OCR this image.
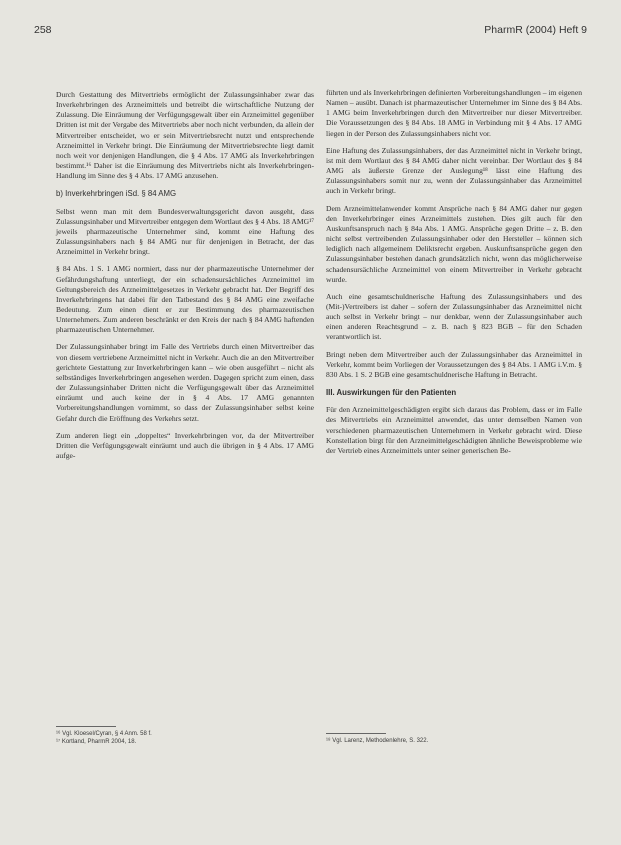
258	PharmR (2004) Heft 9

Durch Gestattung des Mitvertriebs ermöglicht der Zulassungsinhaber zwar das Inverkehrbringen des Arzneimittels und betreibt die wirtschaftliche Nutzung der Zulassung. Die Einräumung der Verfügungsgewalt über ein Arzneimittel gegenüber Dritten ist mit der Vergabe des Mitvertriebs aber noch nicht verbunden, da allein der Mitvertreiber entscheidet, wo er sein Mitvertriebsrecht nutzt und entsprechende Arzneimittel in Verkehr bringt. Die Einräumung der Mitvertriebsrechte liegt damit noch weit vor denjenigen Handlungen, die § 4 Abs. 17 AMG als Inverkehrbringen bestimmt.¹⁶ Daher ist die Einräumung des Mitvertriebs nicht als Inverkehrbringen-Handlung im Sinne des § 4 Abs. 17 AMG anzusehen.

b) Inverkehrbringen iSd. § 84 AMG

Selbst wenn man mit dem Bundesverwaltungsgericht davon ausgeht, dass Zulassungsinhaber und Mitvertreiber entgegen dem Wortlaut des § 4 Abs. 18 AMG¹⁷ jeweils pharmazeutische Unternehmer sind, kommt eine Haftung des Zulassungsinhabers nach § 84 AMG nur für denjenigen in Betracht, der das Arzneimittel in Verkehr bringt.

§ 84 Abs. 1 S. 1 AMG normiert, dass nur der pharmazeutische Unternehmer der Gefährdungshaftung unterliegt, der ein schadensursächliches Arzneimittel im Geltungsbereich des Arzneimittelgesetzes in Verkehr gebracht hat. Der Begriff des Inverkehrbringens hat dabei für den Tatbestand des § 84 AMG eine zweifache Bedeutung. Zum einen dient er zur Bestimmung des pharmazeutischen Unternehmers. Zum anderen beschränkt er den Kreis der nach § 84 AMG haftenden pharmazeutischen Unternehmer.

Der Zulassungsinhaber bringt im Falle des Vertriebs durch einen Mitvertreiber das von diesem vertriebene Arzneimittel nicht in Verkehr. Auch die an den Mitvertreiber gerichtete Gestattung zur Inverkehrbringen kann – wie oben ausgeführt – nicht als selbständiges Inverkehrbringen angesehen werden. Dagegen spricht zum einen, dass der Zulassungsinhaber Dritten nicht die Verfügungsgewalt über das Arzneimittel einräumt und auch keine der in § 4 Abs. 17 AMG genannten Vorbereitungshandlungen vornimmt, so dass der Zulassungsinhaber selbst keine Gefahr durch die Eröffnung des Verkehrs setzt.

Zum anderen liegt ein „doppeltes“ Inverkehrbringen vor, da der Mitvertreiber Dritten die Verfügungsgewalt einräumt und auch die übrigen in § 4 Abs. 17 AMG aufge-

¹⁶ Vgl. Kloesel/Cyran, § 4 Anm. 58 f.
¹⁷ Kortland, PharmR 2004, 18.

führten und als Inverkehrbringen definierten Vorbereitungshandlungen – im eigenen Namen – ausübt. Danach ist pharmazeutischer Unternehmer im Sinne des § 84 Abs. 1 AMG beim Inverkehrbringen durch den Mitvertreiber nur dieser Mitvertreiber. Die Voraussetzungen des § 84 Abs. 18 AMG in Verbindung mit § 4 Abs. 17 AMG liegen in der Person des Zulassungsinhabers nicht vor.

Eine Haftung des Zulassungsinhabers, der das Arzneimittel nicht in Verkehr bringt, ist mit dem Wortlaut des § 84 AMG daher nicht vereinbar. Der Wortlaut des § 84 AMG als äußerste Grenze der Auslegung¹⁸ lässt eine Haftung des Zulassungsinhabers somit nur zu, wenn der Zulassungsinhaber das Arzneimittel auch in Verkehr bringt.

Dem Arzneimittelanwender kommt Ansprüche nach § 84 AMG daher nur gegen den Inverkehrbringer eines Arzneimittels zustehen. Dies gilt auch für den Auskunftsanspruch nach § 84a Abs. 1 AMG. Ansprüche gegen Dritte – z. B. den nicht selbst vertreibenden Zulassungsinhaber oder den Hersteller – können sich lediglich nach allgemeinem Deliktsrecht ergeben. Auskunftsansprüche gegen den Zulassungsinhaber bestehen danach grundsätzlich nicht, wenn das möglicherweise schadensursächliche Arzneimittel von einem Mitvertreiber in Verkehr gebracht wurde.

Auch eine gesamtschuldnerische Haftung des Zulassungsinhabers und des (Mit-)Vertreibers ist daher – sofern der Zulassungsinhaber das Arzneimittel nicht auch selbst in Verkehr bringt – nur denkbar, wenn der Zulassungsinhaber auch einen anderen Reachtsgrund – z. B. nach § 823 BGB – für den Schaden verantwortlich ist.

Bringt neben dem Mitvertreiber auch der Zulassungsinhaber das Arzneimittel in Verkehr, kommt beim Vorliegen der Voraussetzungen des § 84 Abs. 1 AMG i.V.m. § 830 Abs. 1 S. 2 BGB eine gesamtschuldnerische Haftung in Betracht.

III. Auswirkungen für den Patienten

Für den Arzneimittelgeschädigten ergibt sich daraus das Problem, dass er im Falle des Mitvertriebs ein Arzneimittel anwendet, das unter demselben Namen von verschiedenen pharmazeutischen Unternehmern in Verkehr gebracht wird. Diese Konstellation birgt für den Arzneimittelgeschädigten ähnliche Beweisprobleme wie der Vertrieb eines Arzneimittels unter seiner generischen Be-

¹⁸ Vgl. Larenz, Methodenlehre, S. 322.
